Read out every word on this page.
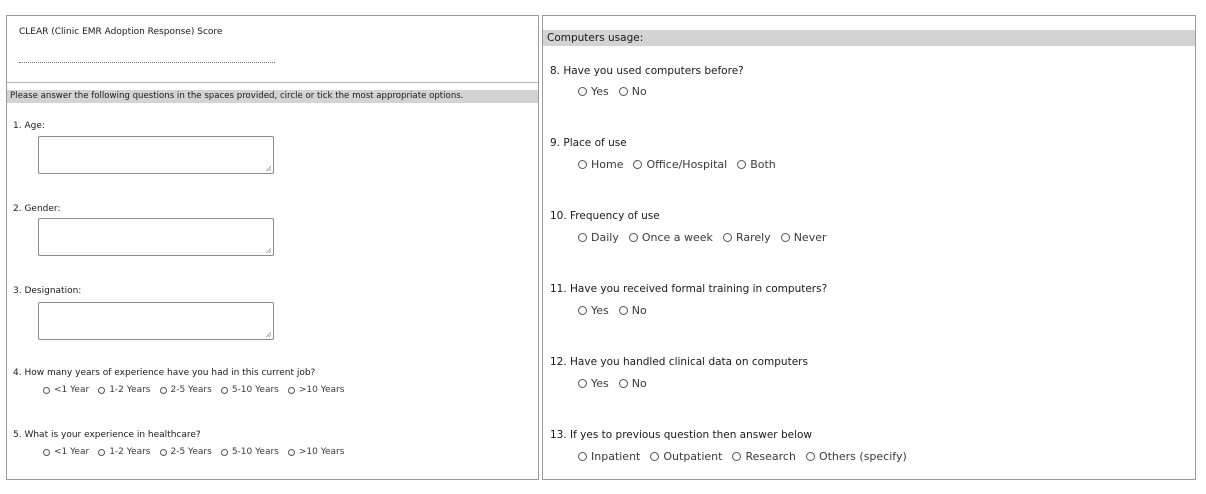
CLEAR (Clinic EMR Adoption Response) Score
Please answer the following questions in the spaces provided, circle or tick the most appropriate options.
1. Age:
2. Gender:
3. Designation:
4. How many years of experience have you had in this current job?
<1 Year 1-2 Years 2-5 Years 5-10 Years >10 Years
5. What is your experience in healthcare?
<1 Year 1-2 Years 2-5 Years 5-10 Years >10 Years
Computers usage:
8. Have you used computers before?
Yes No
9. Place of use
Home Office/Hospital Both
10. Frequency of use
Daily Once a week Rarely Never
11. Have you received formal training in computers?
Yes No
12. Have you handled clinical data on computers
Yes No
13. If yes to previous question then answer below
Inpatient Outpatient Research Others (specify)
